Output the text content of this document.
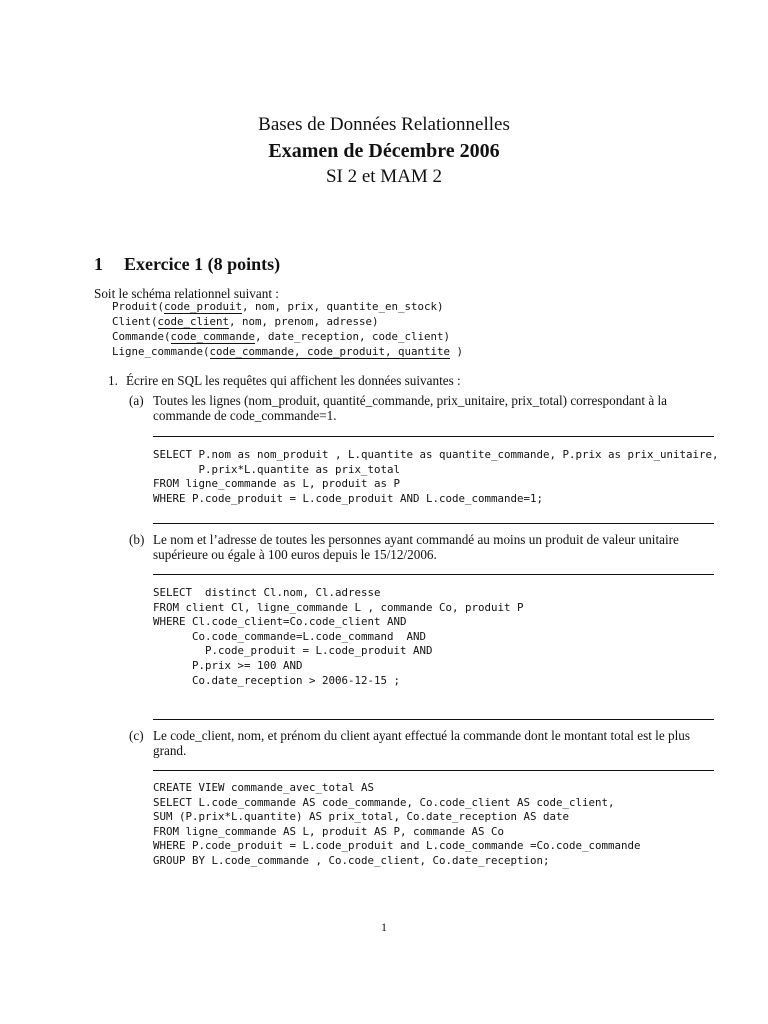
Bases de Données Relationnelles
Examen de Décembre 2006
SI 2 et MAM 2
1 Exercice 1 (8 points)
Soit le schéma relationnel suivant :
Produit(code_produit, nom, prix, quantite_en_stock)
Client(code_client, nom, prenom, adresse)
Commande(code_commande, date_reception, code_client)
Ligne_commande(code_commande, code_produit, quantite )
1. Écrire en SQL les requêtes qui affichent les données suivantes :
(a) Toutes les lignes (nom_produit, quantité_commande, prix_unitaire, prix_total) correspondant à la commande de code_commande=1.
SELECT P.nom as nom_produit , L.quantite as quantite_commande, P.prix as prix_unitaire,
P.prix*L.quantite as prix_total
FROM ligne_commande as L, produit as P
WHERE P.code_produit = L.code_produit AND L.code_commande=1;
(b) Le nom et l’adresse de toutes les personnes ayant commandé au moins un produit de valeur unitaire supérieure ou égale à 100 euros depuis le 15/12/2006.
SELECT  distinct Cl.nom, Cl.adresse
FROM client Cl, ligne_commande L , commande Co, produit P
WHERE Cl.code_client=Co.code_client AND
Co.code_commande=L.code_command  AND
P.code_produit = L.code_produit AND
P.prix >= 100 AND
Co.date_reception > 2006-12-15 ;
(c) Le code_client, nom, et prénom du client ayant effectué la commande dont le montant total est le plus grand.
CREATE VIEW commande_avec_total AS
SELECT L.code_commande AS code_commande, Co.code_client AS code_client,
SUM (P.prix*L.quantite) AS prix_total, Co.date_reception AS date
FROM ligne_commande AS L, produit AS P, commande AS Co
WHERE P.code_produit = L.code_produit and L.code_commande =Co.code_commande
GROUP BY L.code_commande , Co.code_client, Co.date_reception;
1
